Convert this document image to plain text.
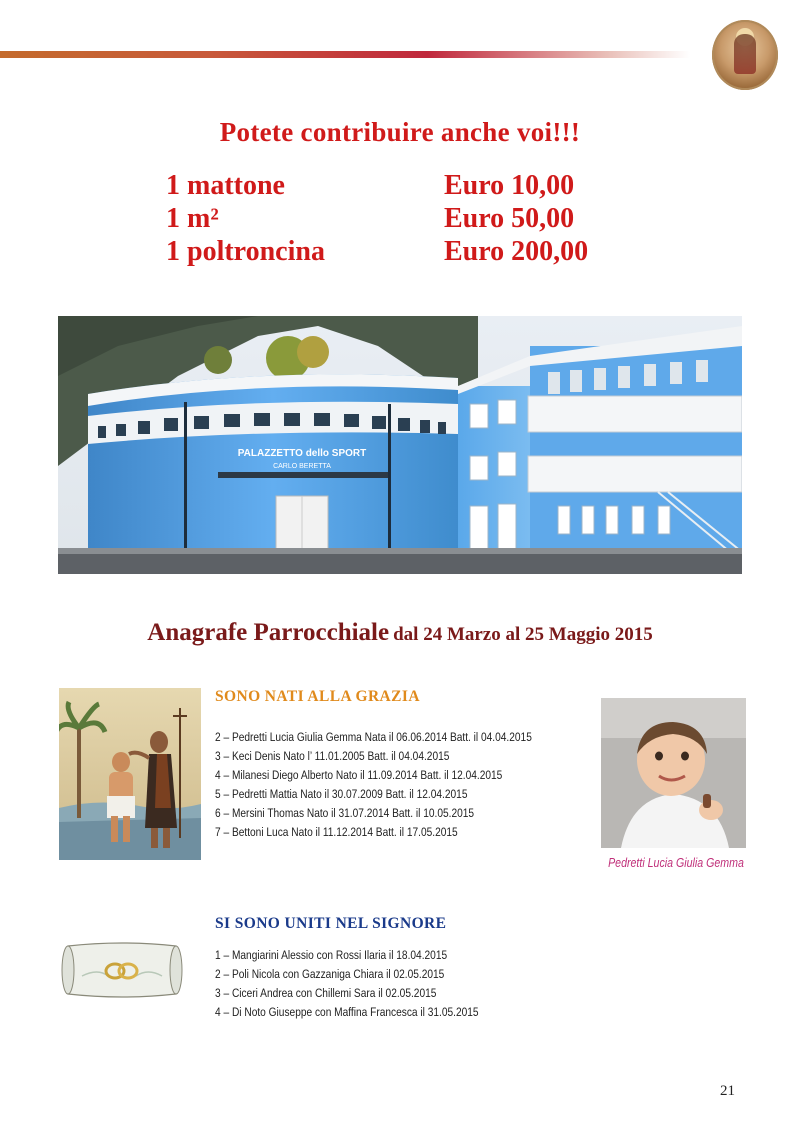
Potete contribuire anche voi!!!
1 mattone	Euro 10,00
1 m²	Euro 50,00
1 poltroncina	Euro 200,00
PALAZZETTO dello SPORT
CARLO BERETTA
Anagrafe Parrocchiale dal 24 Marzo al 25 Maggio 2015
SONO NATI ALLA GRAZIA
2 – Pedretti Lucia Giulia Gemma Nata il 06.06.2014 Batt. il 04.04.2015
3 – Keci Denis Nato l’ 11.01.2005 Batt. il 04.04.2015
4 – Milanesi Diego Alberto Nato il 11.09.2014 Batt. il 12.04.2015
5 – Pedretti Mattia Nato il 30.07.2009 Batt. il 12.04.2015
6 – Mersini Thomas Nato il 31.07.2014 Batt. il 10.05.2015
7 – Bettoni Luca Nato il 11.12.2014 Batt. il 17.05.2015
Pedretti Lucia Giulia Gemma
SI SONO UNITI NEL SIGNORE
1 – Mangiarini Alessio con Rossi Ilaria il 18.04.2015
2 – Poli Nicola con Gazzaniga Chiara il 02.05.2015
3 – Ciceri Andrea con Chillemi Sara il 02.05.2015
4 – Di Noto Giuseppe con Maffina Francesca il 31.05.2015
21
